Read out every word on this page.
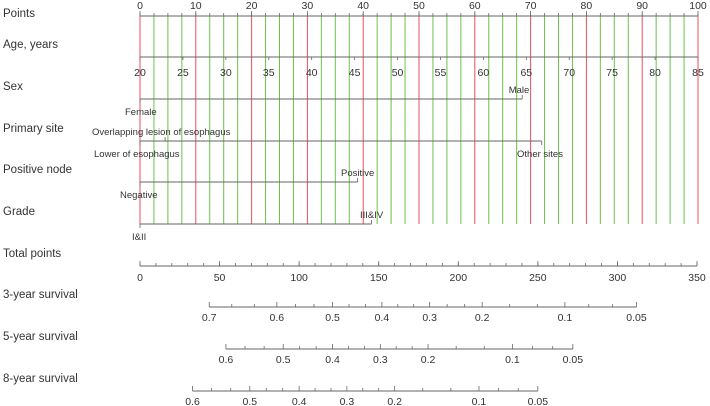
0	10	20	30	40	50	60	70	80	90	100
20	25	30	35	40	45	50	55	60	65	70	75	80	85
Female
Male
Lower of esophagus
Overlapping lesion of esophagus
Other sites
Negative
Positive
I&II
III&IV
0	50	100	150	200	250	300	350
0.7	0.6	0.5	0.4	0.3	0.2	0.1	0.05
0.6	0.5	0.4	0.3	0.2	0.1	0.05
0.6	0.5	0.4	0.3	0.2	0.1	0.05
Points
Age, years
Sex
Primary site
Positive node
Grade
Total points
3-year survival
5-year survival
8-year survival
